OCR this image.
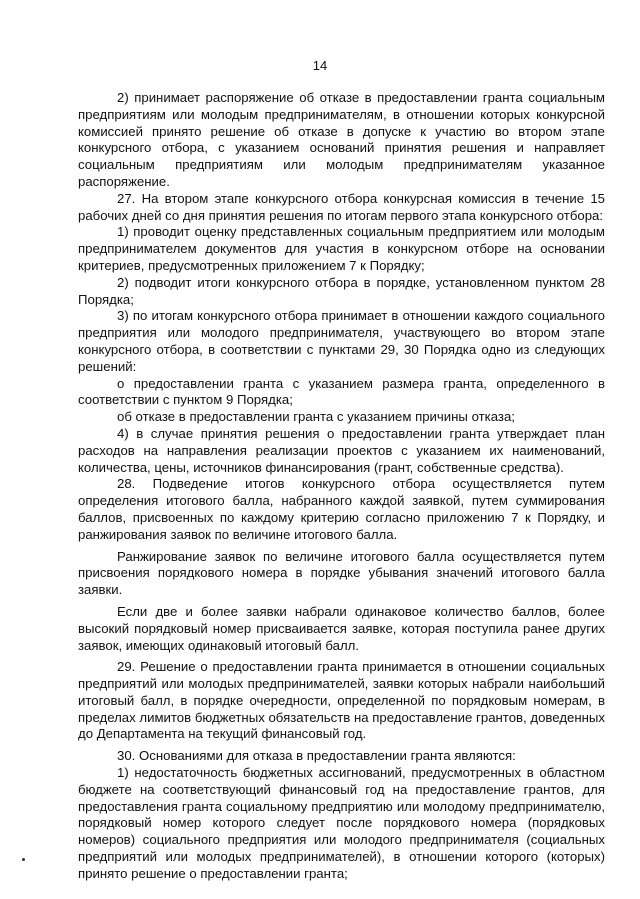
14

2) принимает распоряжение об отказе в предоставлении гранта социальным предприятиям или молодым предпринимателям, в отношении которых конкурсной комиссией принято решение об отказе в допуске к участию во втором этапе конкурсного отбора, с указанием оснований принятия решения и направляет социальным предприятиям или молодым предпринимателям указанное распоряжение.

27. На втором этапе конкурсного отбора конкурсная комиссия в течение 15 рабочих дней со дня принятия решения по итогам первого этапа конкурсного отбора:

1) проводит оценку представленных социальным предприятием или молодым предпринимателем документов для участия в конкурсном отборе на основании критериев, предусмотренных приложением 7 к Порядку;

2) подводит итоги конкурсного отбора в порядке, установленном пунктом 28 Порядка;

3) по итогам конкурсного отбора принимает в отношении каждого социального предприятия или молодого предпринимателя, участвующего во втором этапе конкурсного отбора, в соответствии с пунктами 29, 30 Порядка одно из следующих решений:

о предоставлении гранта с указанием размера гранта, определенного в соответствии с пунктом 9 Порядка;

об отказе в предоставлении гранта с указанием причины отказа;

4) в случае принятия решения о предоставлении гранта утверждает план расходов на направления реализации проектов с указанием их наименований, количества, цены, источников финансирования (грант, собственные средства).

28. Подведение итогов конкурсного отбора осуществляется путем определения итогового балла, набранного каждой заявкой, путем суммирования баллов, присвоенных по каждому критерию согласно приложению 7 к Порядку, и ранжирования заявок по величине итогового балла.

Ранжирование заявок по величине итогового балла осуществляется путем присвоения порядкового номера в порядке убывания значений итогового балла заявки.

Если две и более заявки набрали одинаковое количество баллов, более высокий порядковый номер присваивается заявке, которая поступила ранее других заявок, имеющих одинаковый итоговый балл.

29. Решение о предоставлении гранта принимается в отношении социальных предприятий или молодых предпринимателей, заявки которых набрали наибольший итоговый балл, в порядке очередности, определенной по порядковым номерам, в пределах лимитов бюджетных обязательств на предоставление грантов, доведенных до Департамента на текущий финансовый год.

30. Основаниями для отказа в предоставлении гранта являются:

1) недостаточность бюджетных ассигнований, предусмотренных в областном бюджете на соответствующий финансовый год на предоставление грантов, для предоставления гранта социальному предприятию или молодому предпринимателю, порядковый номер которого следует после порядкового номера (порядковых номеров) социального предприятия или молодого предпринимателя (социальных предприятий или молодых предпринимателей), в отношении которого (которых) принято решение о предоставлении гранта;
